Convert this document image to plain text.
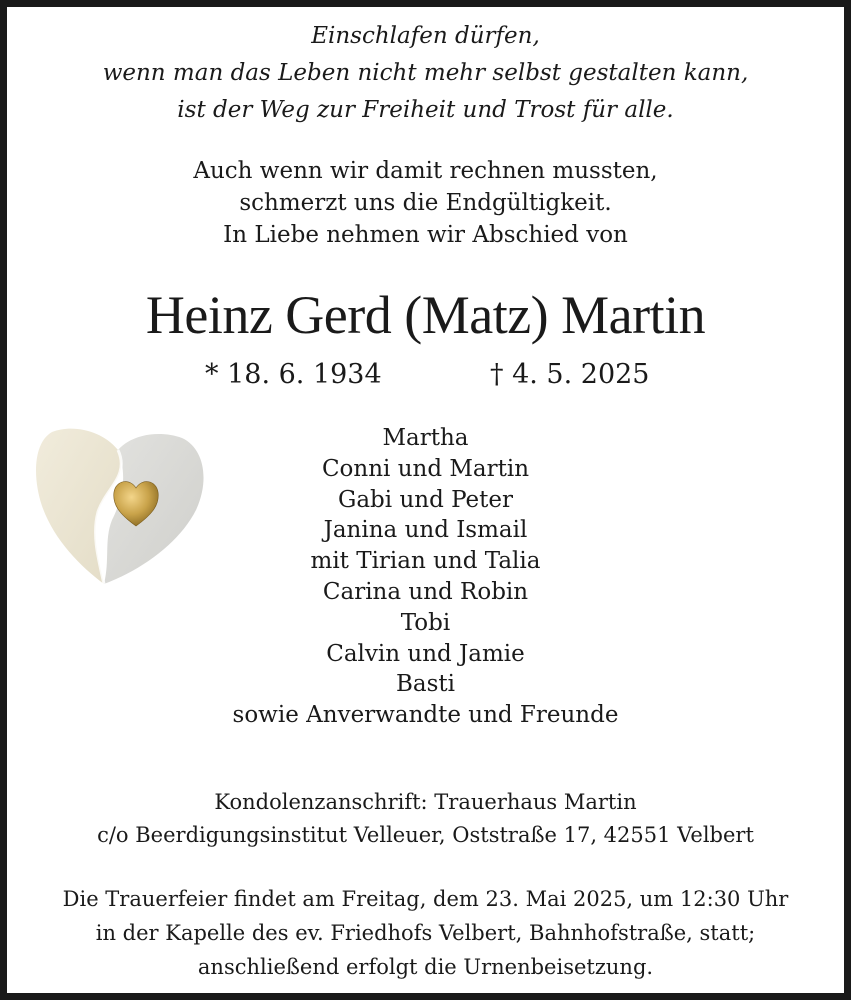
Einschlafen dürfen,
wenn man das Leben nicht mehr selbst gestalten kann,
ist der Weg zur Freiheit und Trost für alle.
Auch wenn wir damit rechnen mussten,
schmerzt uns die Endgültigkeit.
In Liebe nehmen wir Abschied von
Heinz Gerd (Matz) Martin
* 18. 6. 1934	† 4. 5. 2025
Martha
Conni und Martin
Gabi und Peter
Janina und Ismail
mit Tirian und Talia
Carina und Robin
Tobi
Calvin und Jamie
Basti
sowie Anverwandte und Freunde
Kondolenzanschrift: Trauerhaus Martin
c/o Beerdigungsinstitut Velleuer, Oststraße 17, 42551 Velbert
Die Trauerfeier findet am Freitag, dem 23. Mai 2025, um 12:30 Uhr
in der Kapelle des ev. Friedhofs Velbert, Bahnhofstraße, statt;
anschließend erfolgt die Urnenbeisetzung.
